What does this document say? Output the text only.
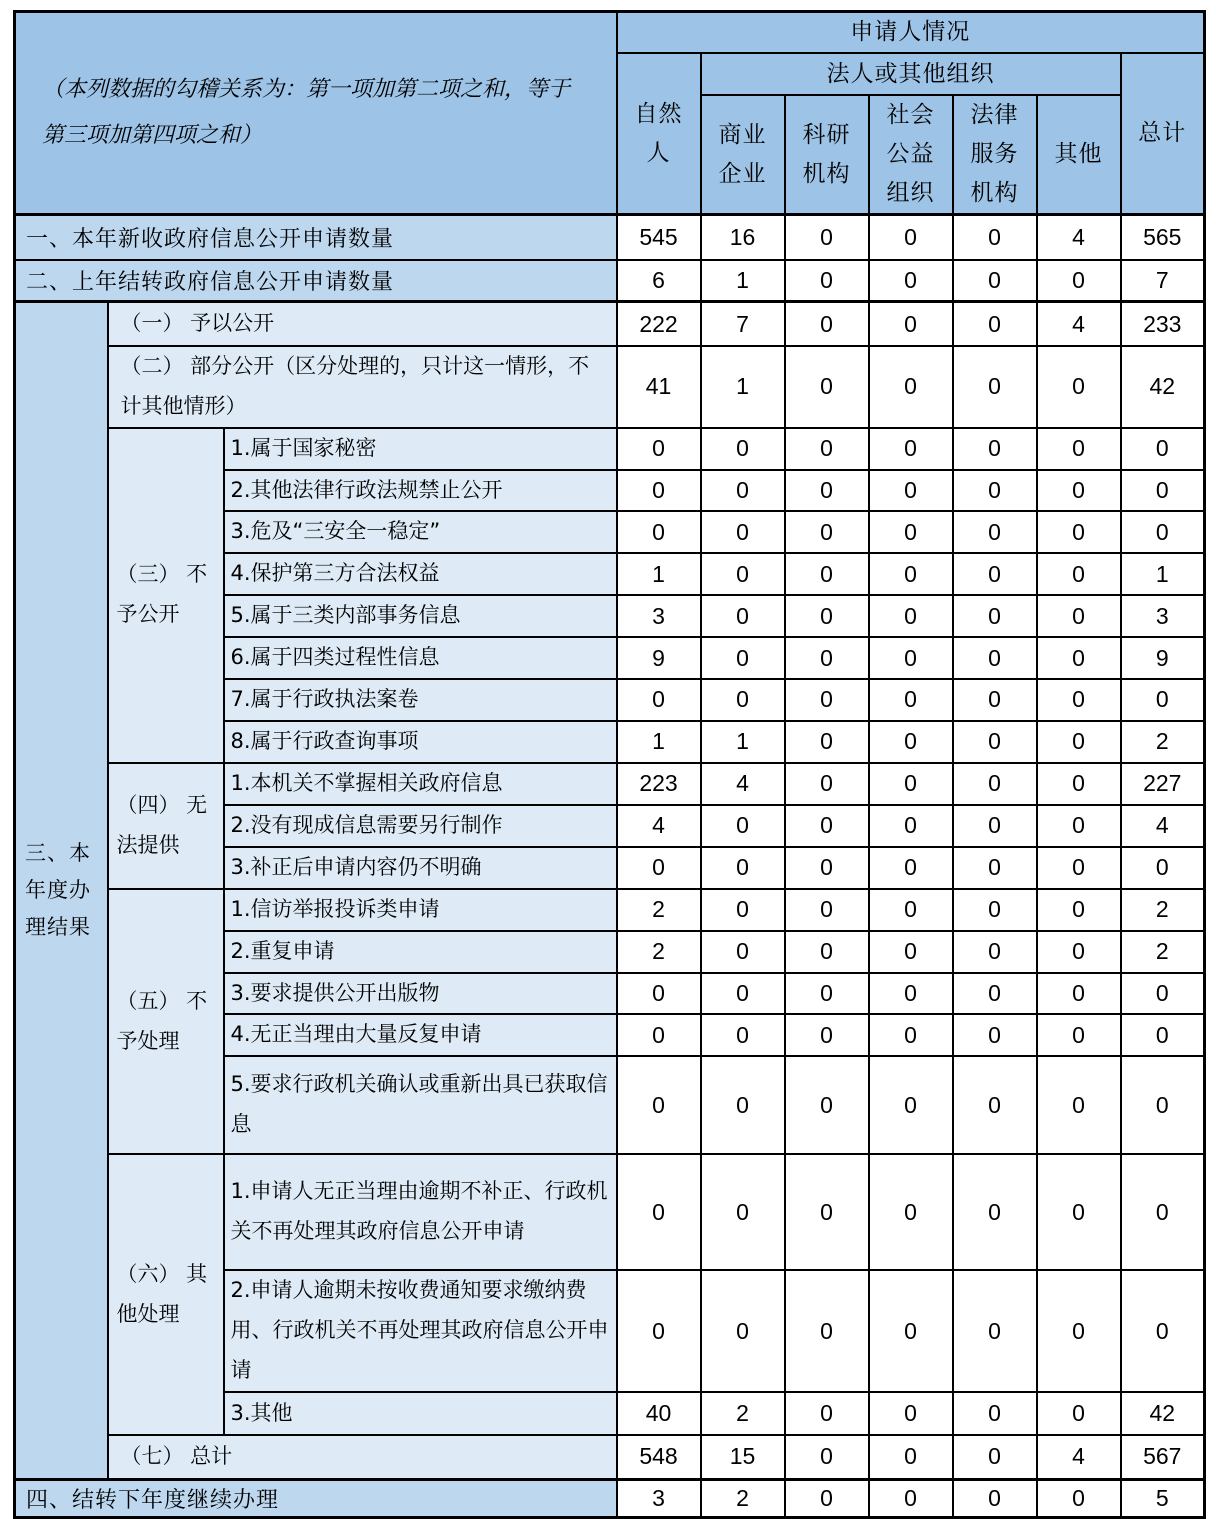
（本列数据的勾稽关系为：第一项加第二项之和，等于第三项加第四项之和）			申请人情况						
			自然人	法人或其他组织					总计
				商业企业	科研机构	社会公益组织	法律服务机构	其他	
一、本年新收政府信息公开申请数量			545	16	0	0	0	4	565
二、上年结转政府信息公开申请数量			6	1	0	0	0	0	7
三、本年度办理结果	（一） 予以公开		222	7	0	0	0	4	233
	（二） 部分公开（区分处理的，只计这一情形，不计其他情形）		41	1	0	0	0	0	42
	（三） 不予公开	1.属于国家秘密	0	0	0	0	0	0	0
		2.其他法律行政法规禁止公开	0	0	0	0	0	0	0
		3.危及“三安全一稳定”	0	0	0	0	0	0	0
		4.保护第三方合法权益	1	0	0	0	0	0	1
		5.属于三类内部事务信息	3	0	0	0	0	0	3
		6.属于四类过程性信息	9	0	0	0	0	0	9
		7.属于行政执法案卷	0	0	0	0	0	0	0
		8.属于行政查询事项	1	1	0	0	0	0	2
	（四） 无法提供	1.本机关不掌握相关政府信息	223	4	0	0	0	0	227
		2.没有现成信息需要另行制作	4	0	0	0	0	0	4
		3.补正后申请内容仍不明确	0	0	0	0	0	0	0
	（五） 不予处理	1.信访举报投诉类申请	2	0	0	0	0	0	2
		2.重复申请	2	0	0	0	0	0	2
		3.要求提供公开出版物	0	0	0	0	0	0	0
		4.无正当理由大量反复申请	0	0	0	0	0	0	0
		5.要求行政机关确认或重新出具已获取信息	0	0	0	0	0	0	0
	（六） 其他处理	1.申请人无正当理由逾期不补正、行政机关不再处理其政府信息公开申请	0	0	0	0	0	0	0
		2.申请人逾期未按收费通知要求缴纳费用、行政机关不再处理其政府信息公开申请	0	0	0	0	0	0	0
		3.其他	40	2	0	0	0	0	42
	（七） 总计		548	15	0	0	0	4	567
四、结转下年度继续办理			3	2	0	0	0	0	5
